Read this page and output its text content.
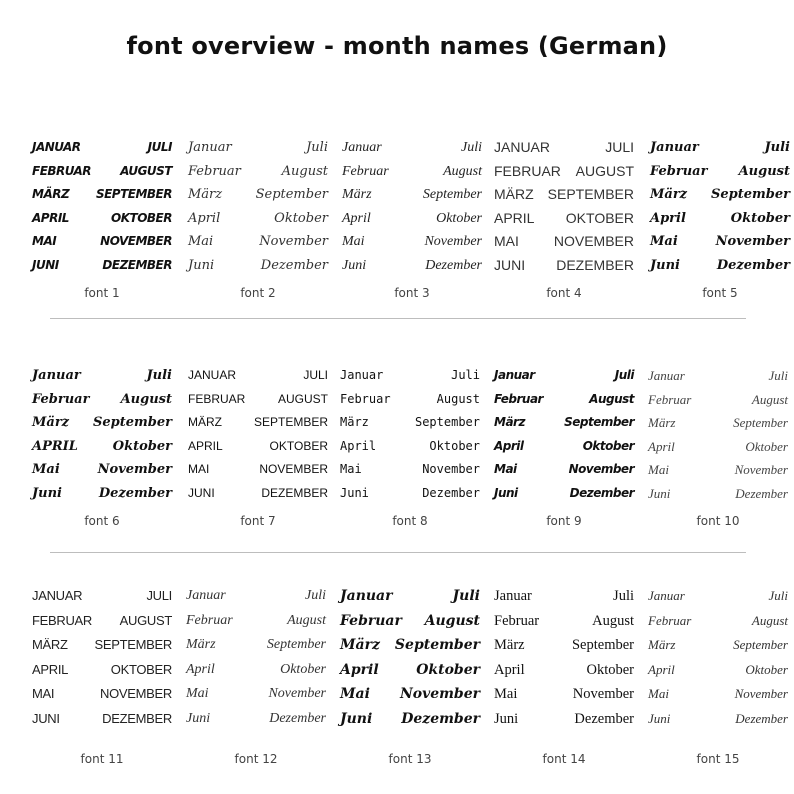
font overview - month names (German)
JANUAR	JULI
FEBRUAR AUGUST
MÄRZ SEPTEMBER
APRIL	OKTOBER
MAI	NOVEMBER
JUNI	DEZEMBER
font 1
Januar	Juli
Februar	August
März	September
April	Oktober
Mai	November
Juni	Dezember
font 2
Januar	Juli
Februar	August
März	September
April	Oktober
Mai	November
Juni	Dezember
font 3
JANUAR	JULI
FEBRUAR AUGUST
MÄRZ SEPTEMBER
APRIL OKTOBER
MAI NOVEMBER
JUNI DEZEMBER
font 4
Januar	Juli
Februar August
März September
April	Oktober
Mai	November
Juni	Dezember
font 5
Januar	Juli
Februar August
März September
APRIL	Oktober
Mai	November
Juni	Dezember
font 6
JANUAR	JULI
FEBRUAR	AUGUST
MÄRZ	SEPTEMBER
APRIL	OKTOBER
MAI	NOVEMBER
JUNI	DEZEMBER
font 7
Januar	Juli
Februar	August
März	September
April	Oktober
Mai	November
Juni	Dezember
font 8
Januar	Juli
Februar	August
März	September
April	Oktober
Mai	November
Juni	Dezember
font 9
Januar	Juli
Februar	August
März	September
April	Oktober
Mai	November
Juni	Dezember
font 10
JANUAR	JULI
FEBRUAR AUGUST
MÄRZ SEPTEMBER
APRIL	OKTOBER
MAI	NOVEMBER
JUNI	DEZEMBER
font 11
Januar	Juli
Februar	August
März	September
April	Oktober
Mai	November
Juni	Dezember
font 12
Januar	Juli
Februar August
März September
April	Oktober
Mai November
Juni Dezember
font 13
Januar	Juli
Februar	August
März	September
April	Oktober
Mai	November
Juni	Dezember
font 14
Januar	Juli
Februar	August
März	September
April	Oktober
Mai	November
Juni	Dezember
font 15
